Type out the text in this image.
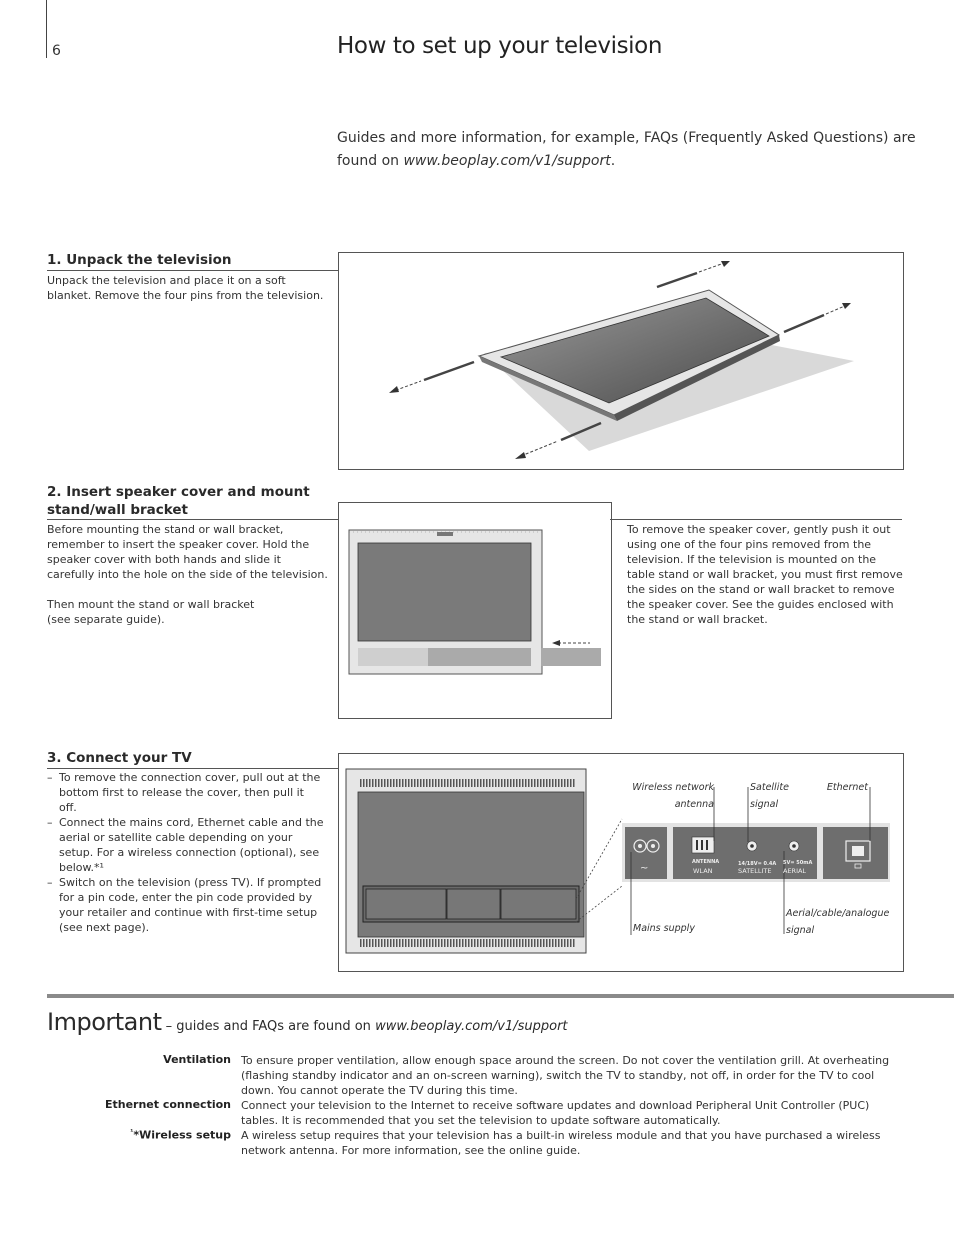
6	How to set up your television
Guides and more information, for example, FAQs (Frequently Asked Questions) are found on www.beoplay.com/v1/support.
1. Unpack the television
Unpack the television and place it on a soft blanket. Remove the four pins from the television.
2. Insert speaker cover and mount
stand/wall bracket
Before mounting the stand or wall bracket, remember to insert the speaker cover. Hold the speaker cover with both hands and slide it carefully into the hole on the side of the television.
Then mount the stand or wall bracket (see separate guide).
To remove the speaker cover, gently push it out using one of the four pins removed from the television. If the television is mounted on the table stand or wall bracket, you must first remove the sides on the stand or wall bracket to remove the speaker cover. See the guides enclosed with the stand or wall bracket.
3. Connect your TV
– To remove the connection cover, pull out at the bottom first to release the cover, then pull it off.
– Connect the mains cord, Ethernet cable and the aerial or satellite cable depending on your setup. For a wireless connection (optional), see below.*¹
– Switch on the television (press TV). If prompted for a pin code, enter the pin code provided by your retailer and continue with first-time setup (see next page).
~
ANTENNA
WLAN
14/18V= 0.4A
SATELLITE
5V= 50mA
AERIAL
Wireless network
antenna
Satellite
signal
Ethernet
Mains supply
Aerial/cable/analogue
signal
Important – guides and FAQs are found on www.beoplay.com/v1/support
Ventilation To ensure proper ventilation, allow enough space around the screen. Do not cover the ventilation grill. At overheating (flashing standby indicator and an on-screen warning), switch the TV to standby, not off, in order for the TV to cool down. You cannot operate the TV during this time.
Ethernet connection Connect your television to the Internet to receive software updates and download Peripheral Unit Controller (PUC) tables. It is recommended that you set the television to update software automatically.
$^{^1}$*Wireless setup A wireless setup requires that your television has a built-in wireless module and that you have purchased a wireless network antenna. For more information, see the online guide.
